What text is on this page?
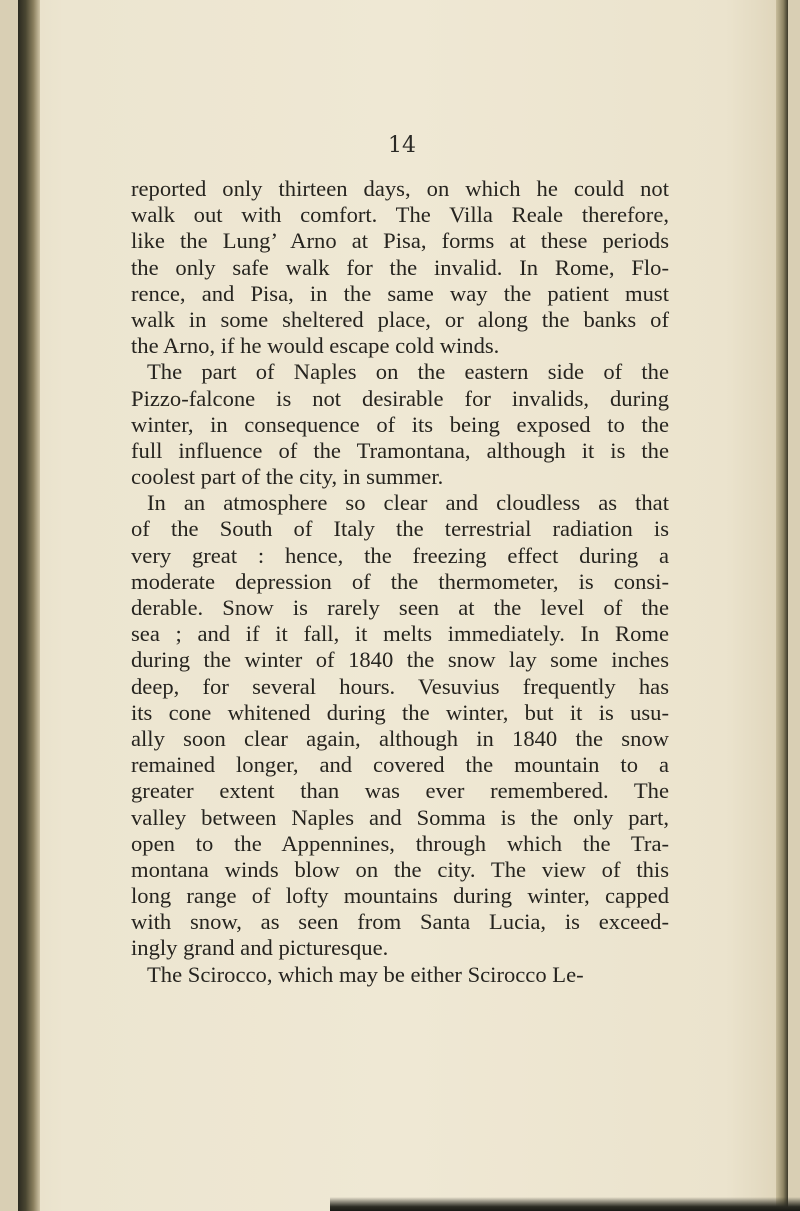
14
reported only thirteen days, on which he could not
walk out with comfort. The Villa Reale therefore,
like the Lung’ Arno at Pisa, forms at these periods
the only safe walk for the invalid. In Rome, Flo-
rence, and Pisa, in the same way the patient must
walk in some sheltered place, or along the banks of
the Arno, if he would escape cold winds.
The part of Naples on the eastern side of the
Pizzo-falcone is not desirable for invalids, during
winter, in consequence of its being exposed to the
full influence of the Tramontana, although it is the
coolest part of the city, in summer.
In an atmosphere so clear and cloudless as that
of the South of Italy the terrestrial radiation is
very great : hence, the freezing effect during a
moderate depression of the thermometer, is consi-
derable. Snow is rarely seen at the level of the
sea ; and if it fall, it melts immediately. In Rome
during the winter of 1840 the snow lay some inches
deep, for several hours. Vesuvius frequently has
its cone whitened during the winter, but it is usu-
ally soon clear again, although in 1840 the snow
remained longer, and covered the mountain to a
greater extent than was ever remembered. The
valley between Naples and Somma is the only part,
open to the Appennines, through which the Tra-
montana winds blow on the city. The view of this
long range of lofty mountains during winter, capped
with snow, as seen from Santa Lucia, is exceed-
ingly grand and picturesque.
The Scirocco, which may be either Scirocco Le-
